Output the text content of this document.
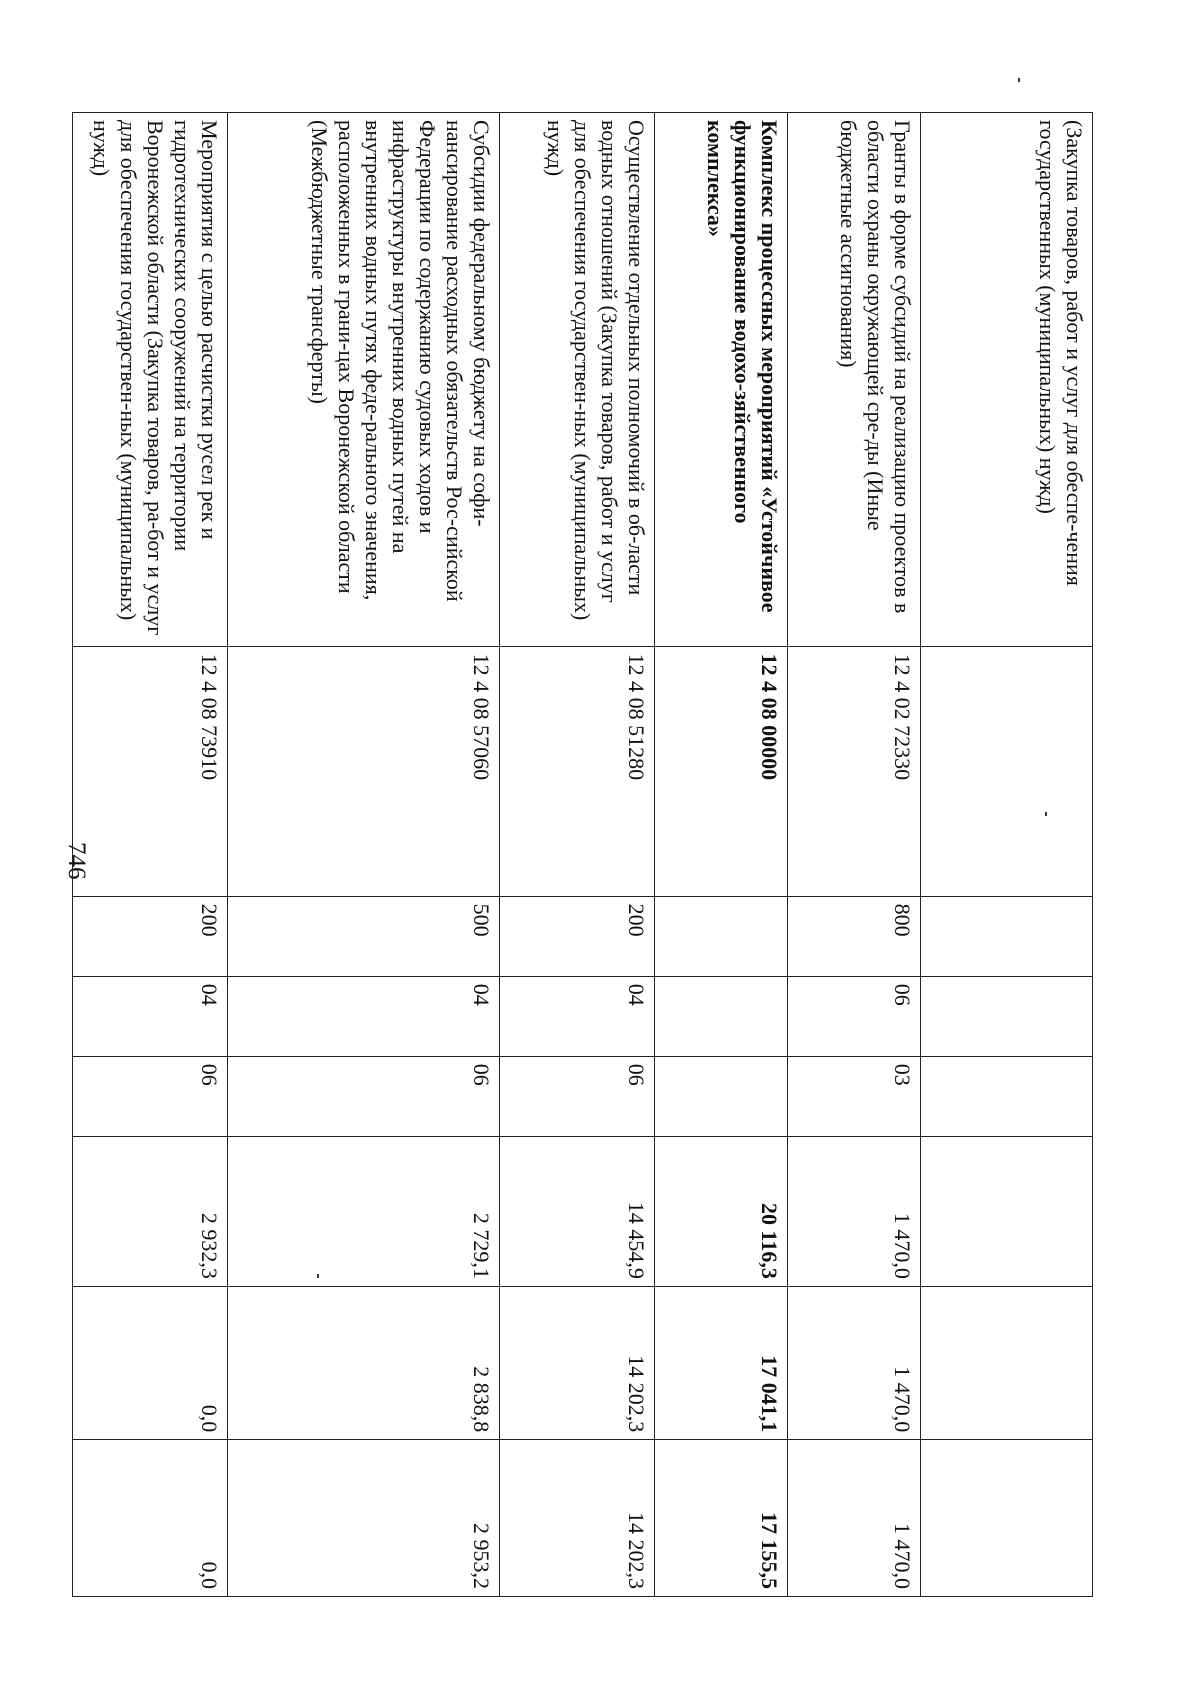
746
(Закупка товаров, работ и услуг для обеспе-чения государственных (муниципальных) нужд)							
Гранты в форме субсидий на реализацию проектов в области охраны окружающей сре-ды (Иные бюджетные ассигнования)	12 4 02 72330	800	06	03	1 470,0	1 470,0	1 470,0
Комплекс процессных мероприятий «Устойчивое функционирование водохо-зяйственного комплекса»	12 4 08 00000				20 116,3	17 041,1	17 155,5
Осуществление отдельных полномочий в об-ласти водных отношений (Закупка товаров, работ и услуг для обеспечения государствен-ных (муниципальных) нужд)	12 4 08 51280	200	04	06	14 454,9	14 202,3	14 202,3
Субсидии федеральному бюджету на софи-нансирование расходных обязательств Рос-сийской Федерации по содержанию судовых ходов и инфраструктуры внутренних водных путей на внутренних водных путях феде-рального значения, расположенных в грани-цах Воронежской области (Межбюджетные трансферты)	12 4 08 57060	500	04	06	2 729,1	2 838,8	2 953,2
Мероприятия с целью расчистки русел рек и гидротехнических сооружений на территории Воронежской области (Закупка товаров, ра-бот и услуг для обеспечения государствен-ных (муниципальных) нужд)	12 4 08 73910	200	04	06	2 932,3	0,0	0,0
